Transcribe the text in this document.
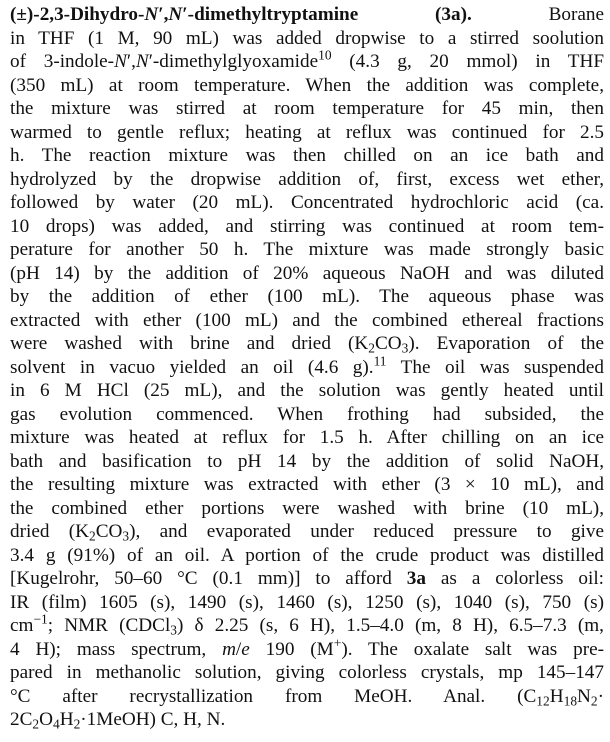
(±)-2,3-Dihydro-N′,N′-dimethyltryptamine (3a). Borane
in THF (1 M, 90 mL) was added dropwise to a stirred soolution
of 3-indole-N′,N′-dimethylglyoxamide$^{10}$ (4.3 g, 20 mmol) in THF
(350 mL) at room temperature. When the addition was complete,
the mixture was stirred at room temperature for 45 min, then
warmed to gentle reflux; heating at reflux was continued for 2.5
h. The reaction mixture was then chilled on an ice bath and
hydrolyzed by the dropwise addition of, first, excess wet ether,
followed by water (20 mL). Concentrated hydrochloric acid (ca.
10 drops) was added, and stirring was continued at room tem-
perature for another 50 h. The mixture was made strongly basic
(pH 14) by the addition of 20% aqueous NaOH and was diluted
by the addition of ether (100 mL). The aqueous phase was
extracted with ether (100 mL) and the combined ethereal fractions
were washed with brine and dried $(K_2CO_3)$. Evaporation of the
solvent in vacuo yielded an oil (4.6 g).$^{11}$ The oil was suspended
in 6 M HCl (25 mL), and the solution was gently heated until
gas evolution commenced. When frothing had subsided, the
mixture was heated at reflux for 1.5 h. After chilling on an ice
bath and basification to pH 14 by the addition of solid NaOH,
the resulting mixture was extracted with ether (3 × 10 mL), and
the combined ether portions were washed with brine (10 mL),
dried $(K_2CO_3)$, and evaporated under reduced pressure to give
3.4 g (91%) of an oil. A portion of the crude product was distilled
[Kugelrohr, 50–60 °C (0.1 mm)] to afford 3a as a colorless oil:
IR (film) 1605 (s), 1490 (s), 1460 (s), 1250 (s), 1040 (s), 750 (s)
$cm^{-1}$; NMR (CDCl$_3$) δ 2.25 (s, 6 H), 1.5–4.0 (m, 8 H), 6.5–7.3 (m,
4 H); mass spectrum, m/e 190 (M+). The oxalate salt was pre-
pared in methanolic solution, giving colorless crystals, mp 145–147
°C after recrystallization from MeOH. Anal. ($C_{12}H_{18}N_2\cdot$
$2C_2O_4H_2\cdot 1MeOH$) C, H, N.
